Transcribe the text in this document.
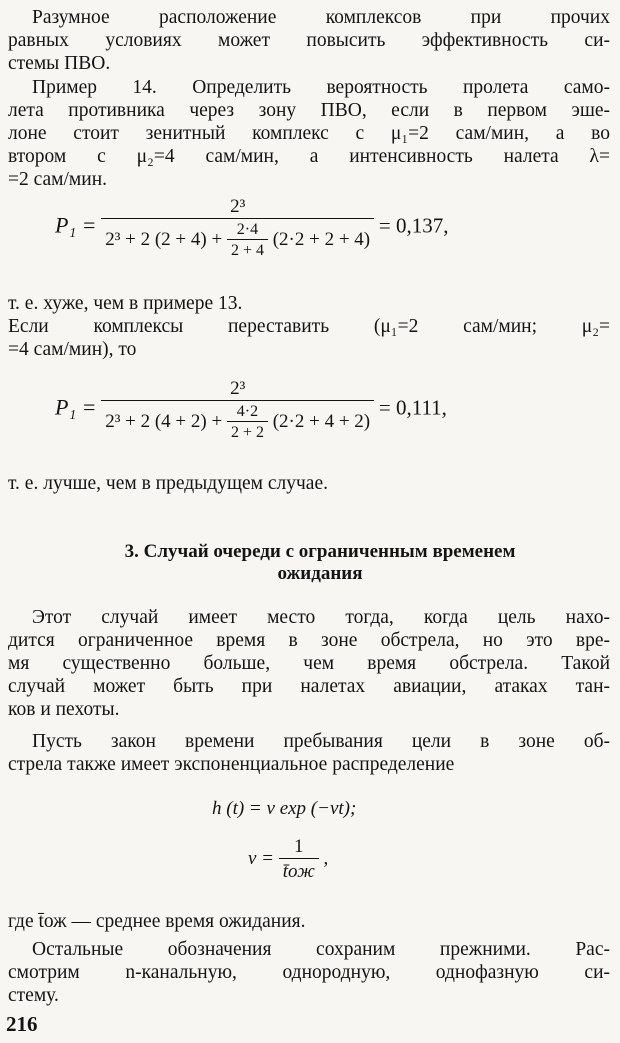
Разумное расположение комплексов при прочих
равных условиях может повысить эффективность си-
стемы ПВО.

Пример 14. Определить вероятность пролета само-
лета противника через зону ПВО, если в первом эше-
лоне стоит зенитный комплекс с μ₁=2 сам/мин, а во
втором с μ₂=4 сам/мин, а интенсивность налета λ=
=2 сам/мин.

P₁ =
2³
2³ + 2 $(2 + 4) + \frac{2\cdot 4}{2 + 4} (2\cdot 2 + 2 + 4)$
= 0,137,

т. е. хуже, чем в примере 13.
Если комплексы переставить (μ₁=2 сам/мин; μ₂=
=4 сам/мин), то

P₁ =
2³
2³ + 2 $(4 + 2) + \frac{4\cdot 2}{2 + 2} (2\cdot 2 + 4 + 2)$
= 0,111,

т. е. лучше, чем в предыдущем случае.

3. Случай очереди с ограниченным временем
ожидания

Этот случай имеет место тогда, когда цель нахо-
дится ограниченное время в зоне обстрела, но это вре-
мя существенно больше, чем время обстрела. Такой
случай может быть при налетах авиации, атаках тан-
ков и пехоты.

Пусть закон времени пребывания цели в зоне об-
стрела также имеет экспоненциальное распределение

h (t) = ν exp (−νt);
$\nu = \frac{1}{t̄ож}$ ,

где t̄ож — среднее время ожидания.

Остальные обозначения сохраним прежними. Рас-
смотрим n-канальную, однородную, однофазную си-
стему.

216
